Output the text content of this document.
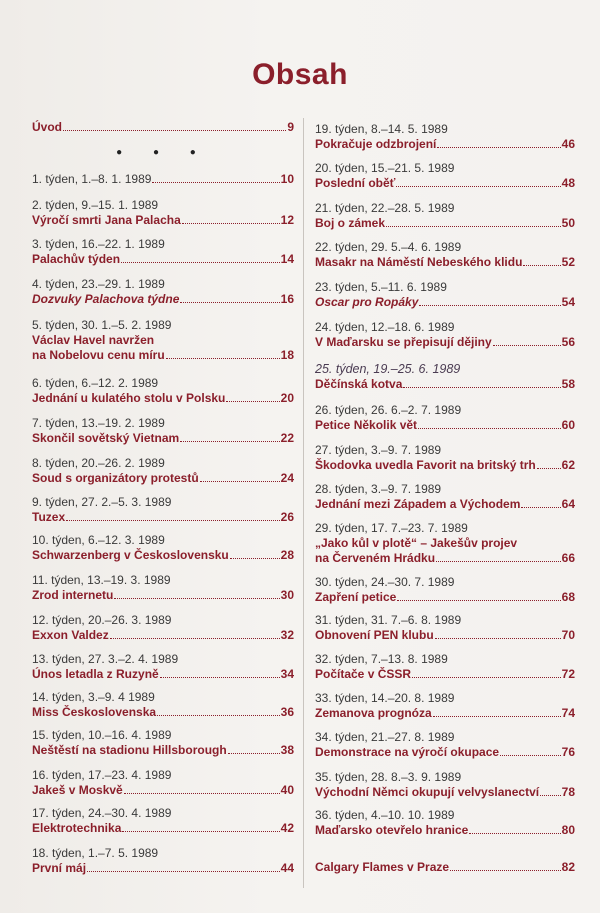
Obsah
Úvod	9
● ● ●
1. týden, 1.–8. 1. 1989	10
2. týden, 9.–15. 1. 1989
Výročí smrti Jana Palacha	12
3. týden, 16.–22. 1. 1989
Palachův týden	14
4. týden, 23.–29. 1. 1989
Dozvuky Palachova týdne	16
5. týden, 30. 1.–5. 2. 1989
Václav Havel navržen
na Nobelovu cenu míru	18
6. týden, 6.–12. 2. 1989
Jednání u kulatého stolu v Polsku	20
7. týden, 13.–19. 2. 1989
Skončil sovětský Vietnam	22
8. týden, 20.–26. 2. 1989
Soud s organizátory protestů	24
9. týden, 27. 2.–5. 3. 1989
Tuzex	26
10. týden, 6.–12. 3. 1989
Schwarzenberg v Československu	28
11. týden, 13.–19. 3. 1989
Zrod internetu	30
12. týden, 20.–26. 3. 1989
Exxon Valdez	32
13. týden, 27. 3.–2. 4. 1989
Únos letadla z Ruzyně	34
14. týden, 3.–9. 4 1989
Miss Československa	36
15. týden, 10.–16. 4. 1989
Neštěstí na stadionu Hillsborough	38
16. týden, 17.–23. 4. 1989
Jakeš v Moskvě	40
17. týden, 24.–30. 4. 1989
Elektrotechnika	42
18. týden, 1.–7. 5. 1989
První máj	44
19. týden, 8.–14. 5. 1989
Pokračuje odzbrojení	46
20. týden, 15.–21. 5. 1989
Poslední oběť	48
21. týden, 22.–28. 5. 1989
Boj o zámek	50
22. týden, 29. 5.–4. 6. 1989
Masakr na Náměstí Nebeského klidu	52
23. týden, 5.–11. 6. 1989
Oscar pro Ropáky	54
24. týden, 12.–18. 6. 1989
V Maďarsku se přepisují dějiny	56
25. týden, 19.–25. 6. 1989
Děčínská kotva	58
26. týden, 26. 6.–2. 7. 1989
Petice Několik vět	60
27. týden, 3.–9. 7. 1989
Škodovka uvedla Favorit na britský trh 62
28. týden, 3.–9. 7. 1989
Jednání mezi Západem a Východem	64
29. týden, 17. 7.–23. 7. 1989
„Jako kůl v plotě“ – Jakešův projev
na Červeném Hrádku	66
30. týden, 24.–30. 7. 1989
Zapření petice	68
31. týden, 31. 7.–6. 8. 1989
Obnovení PEN klubu	70
32. týden, 7.–13. 8. 1989
Počítače v ČSSR	72
33. týden, 14.–20. 8. 1989
Zemanova prognóza	74
34. týden, 21.–27. 8. 1989
Demonstrace na výročí okupace	76
35. týden, 28. 8.–3. 9. 1989
Východní Němci okupují velvyslanectví 78
36. týden, 4.–10. 10. 1989
Maďarsko otevřelo hranice	80
Calgary Flames v Praze	82
